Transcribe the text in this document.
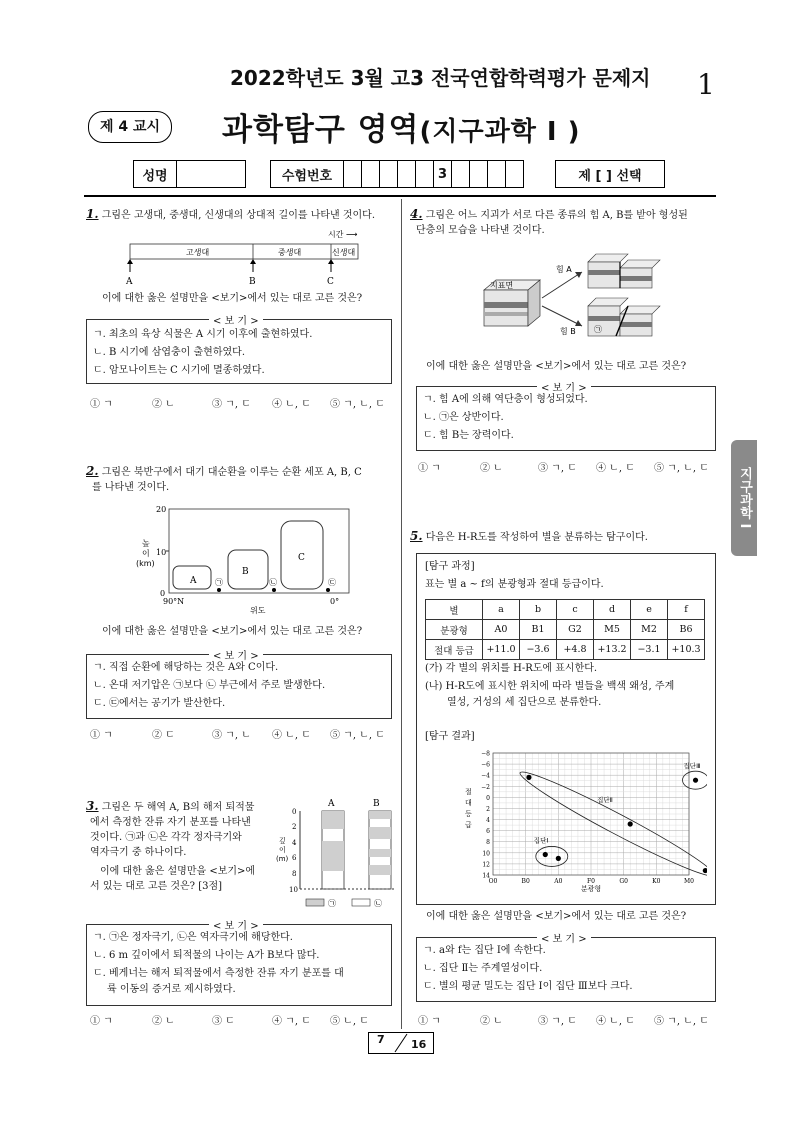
2022학년도 3월 고3 전국연합학력평가 문제지 1
제 4 교시	과학탐구 영역(지구과학 I )
성명		수험번호						3					제 [ ] 선택
지구과학 I
1. 그림은 고생대, 중생대, 신생대의 상대적 길이를 나타낸 것이다.
시간 ⟶
고생대	중생대	신생대
A	B	C
이에 대한 옳은 설명만을 <보기>에서 있는 대로 고른 것은?
< 보 기 >
ㄱ. 최초의 육상 식물은 A 시기 이후에 출현하였다.
ㄴ. B 시기에 삼엽충이 출현하였다.
ㄷ. 암모나이트는 C 시기에 멸종하였다.
① ㄱ	② ㄴ	③ ㄱ, ㄷ	④ ㄴ, ㄷ	⑤ ㄱ, ㄴ, ㄷ
2. 그림은 북반구에서 대기 대순환을 이루는 순환 세포 A, B, C
를 나타낸 것이다.
높
이
(km)
20
10
0
A
B
C
㉠	㉡	㉢
90°N	0°
위도
이에 대한 옳은 설명만을 <보기>에서 있는 대로 고른 것은?
< 보 기 >
ㄱ. 직접 순환에 해당하는 것은 A와 C이다.
ㄴ. 온대 저기압은 ㉠보다 ㉡ 부근에서 주로 발생한다.
ㄷ. ㉢에서는 공기가 발산한다.
① ㄱ	② ㄷ	③ ㄱ, ㄴ	④ ㄴ, ㄷ	⑤ ㄱ, ㄴ, ㄷ
3. 그림은 두 해역 A, B의 해저 퇴적물
에서 측정한 잔류 자기 분포를 나타낸
것이다. ㉠과 ㉡은 각각 정자극기와
역자극기 중 하나이다.
이에 대한 옳은 설명만을 <보기>에
서 있는 대로 고른 것은? [3점]
A	B
0
2
4
6
8
10
깊
이
(m)
㉠	㉡
< 보 기 >
ㄱ. ㉠은 정자극기, ㉡은 역자극기에 해당한다.
ㄴ. 6 m 깊이에서 퇴적물의 나이는 A가 B보다 많다.
ㄷ. 베게너는 해저 퇴적물에서 측정한 잔류 자기 분포를 대
륙 이동의 증거로 제시하였다.
① ㄱ	② ㄴ	③ ㄷ	④ ㄱ, ㄷ	⑤ ㄴ, ㄷ
4. 그림은 어느 지괴가 서로 다른 종류의 힘 A, B를 받아 형성된
단층의 모습을 나타낸 것이다.
지표면
힘 A
힘 B ㉠
이에 대한 옳은 설명만을 <보기>에서 있는 대로 고른 것은?
< 보 기 >
ㄱ. 힘 A에 의해 역단층이 형성되었다.
ㄴ. ㉠은 상반이다.
ㄷ. 힘 B는 장력이다.
① ㄱ	② ㄴ	③ ㄱ, ㄷ	④ ㄴ, ㄷ	⑤ ㄱ, ㄴ, ㄷ
5. 다음은 H-R도를 작성하여 별을 분류하는 탐구이다.
[탐구 과정]
표는 별 a ~ f의 분광형과 절대 등급이다.
별	a	b	c	d	e	f
분광형	A0	B1	G2	M5	M2	B6
절대 등급	+11.0	−3.6	+4.8	+13.2	−3.1	+10.3
(가) 각 별의 위치를 H-R도에 표시한다.
(나) H-R도에 표시한 위치에 따라 별들을 백색 왜성, 주계
열성, 거성의 세 집단으로 분류한다.
[탐구 결과]
−8
−6
−4
−2
0
2
4
6
8
10
12
14
O0	B0	A0	F0	G0	K0	M0
분광형
절
대
등
급
집단Ⅰ
집단Ⅱ
집단Ⅲ
이에 대한 옳은 설명만을 <보기>에서 있는 대로 고른 것은?
< 보 기 >
ㄱ. a와 f는 집단 Ⅰ에 속한다.
ㄴ. 집단 Ⅱ는 주계열성이다.
ㄷ. 별의 평균 밀도는 집단 Ⅰ이 집단 Ⅲ보다 크다.
① ㄱ	② ㄴ	③ ㄱ, ㄷ	④ ㄴ, ㄷ	⑤ ㄱ, ㄴ, ㄷ
7 16
